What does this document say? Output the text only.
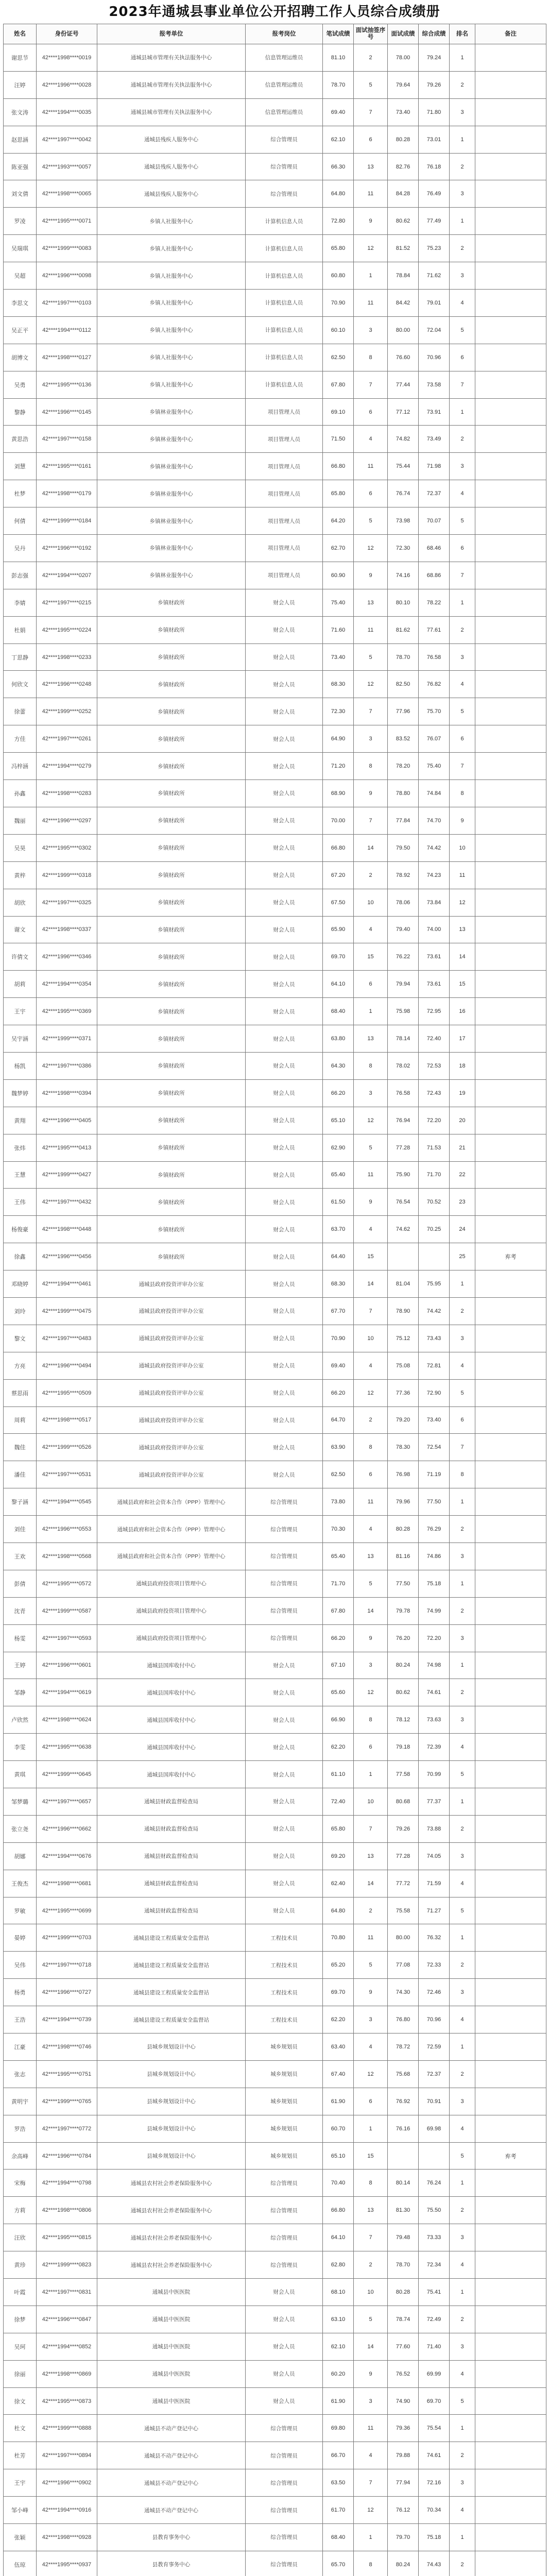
2023年通城县事业单位公开招聘工作人员综合成绩册
姓名	身份证号	报考单位	报考岗位	笔试成绩	面试抽签序号	面试成绩	综合成绩	排名	备注
谢思节	42****1998****0019	通城县城市管理有关执法服务中心	信息管理运维员	81.10	2	78.00	79.24	1	
汪婷	42****1996****0028	通城县城市管理有关执法服务中心	信息管理运维员	78.70	5	79.64	79.26	2	
张文涛	42****1994****0035	通城县城市管理有关执法服务中心	信息管理运维员	69.40	7	73.40	71.80	3	
赵思涵	42****1997****0042	通城县残疾人服务中心	综合管理员	62.10	6	80.28	73.01	1	
陈亚强	42****1993****0057	通城县残疾人服务中心	综合管理员	66.30	13	82.76	76.18	2	
刘文倩	42****1998****0065	通城县残疾人服务中心	综合管理员	64.80	11	84.28	76.49	3	
罗凌	42****1995****0071	乡镇人社服务中心	计算机信息人员	72.80	9	80.62	77.49	1	
吴瑞琪	42****1999****0083	乡镇人社服务中心	计算机信息人员	65.80	12	81.52	75.23	2	
吴超	42****1996****0098	乡镇人社服务中心	计算机信息人员	60.80	1	78.84	71.62	3	
李思文	42****1997****0103	乡镇人社服务中心	计算机信息人员	70.90	11	84.42	79.01	4	
吴正平	42****1994****0112	乡镇人社服务中心	计算机信息人员	60.10	3	80.00	72.04	5	
胡博文	42****1998****0127	乡镇人社服务中心	计算机信息人员	62.50	8	76.60	70.96	6	
吴勇	42****1995****0136	乡镇人社服务中心	计算机信息人员	67.80	7	77.44	73.58	7	
黎静	42****1996****0145	乡镇林业服务中心	项目管理人员	69.10	6	77.12	73.91	1	
黄思浩	42****1997****0158	乡镇林业服务中心	项目管理人员	71.50	4	74.82	73.49	2	
刘慧	42****1995****0161	乡镇林业服务中心	项目管理人员	66.80	11	75.44	71.98	3	
杜梦	42****1998****0179	乡镇林业服务中心	项目管理人员	65.80	6	76.74	72.37	4	
何倩	42****1999****0184	乡镇林业服务中心	项目管理人员	64.20	5	73.98	70.07	5	
吴丹	42****1996****0192	乡镇林业服务中心	项目管理人员	62.70	12	72.30	68.46	6	
彭志强	42****1994****0207	乡镇林业服务中心	项目管理人员	60.90	9	74.16	68.86	7	
李婧	42****1997****0215	乡镇财政所	财会人员	75.40	13	80.10	78.22	1	
杜娟	42****1995****0224	乡镇财政所	财会人员	71.60	11	81.62	77.61	2	
丁思静	42****1998****0233	乡镇财政所	财会人员	73.40	5	78.70	76.58	3	
何欣文	42****1996****0248	乡镇财政所	财会人员	68.30	12	82.50	76.82	4	
徐蕾	42****1999****0252	乡镇财政所	财会人员	72.30	7	77.96	75.70	5	
方佳	42****1997****0261	乡镇财政所	财会人员	64.90	3	83.52	76.07	6	
冯梓涵	42****1994****0279	乡镇财政所	财会人员	71.20	8	78.20	75.40	7	
孙鑫	42****1998****0283	乡镇财政所	财会人员	68.90	9	78.80	74.84	8	
魏丽	42****1996****0297	乡镇财政所	财会人员	70.00	7	77.84	74.70	9	
吴昊	42****1995****0302	乡镇财政所	财会人员	66.80	14	79.50	74.42	10	
黄梓	42****1999****0318	乡镇财政所	财会人员	67.20	2	78.92	74.23	11	
胡欣	42****1997****0325	乡镇财政所	财会人员	67.50	10	78.06	73.84	12	
谢文	42****1998****0337	乡镇财政所	财会人员	65.90	4	79.40	74.00	13	
许倩文	42****1996****0346	乡镇财政所	财会人员	69.70	15	76.22	73.61	14	
胡莉	42****1994****0354	乡镇财政所	财会人员	64.10	6	79.94	73.61	15	
王宇	42****1995****0369	乡镇财政所	财会人员	68.40	1	75.98	72.95	16	
吴宇涵	42****1999****0371	乡镇财政所	财会人员	63.80	13	78.14	72.40	17	
杨凯	42****1997****0386	乡镇财政所	财会人员	64.30	8	78.02	72.53	18	
魏梦婷	42****1998****0394	乡镇财政所	财会人员	66.20	3	76.58	72.43	19	
黄翔	42****1996****0405	乡镇财政所	财会人员	65.10	12	76.94	72.20	20	
张炜	42****1995****0413	乡镇财政所	财会人员	62.90	5	77.28	71.53	21	
王慧	42****1999****0427	乡镇财政所	财会人员	65.40	11	75.90	71.70	22	
王伟	42****1997****0432	乡镇财政所	财会人员	61.50	9	76.54	70.52	23	
杨俊豪	42****1998****0448	乡镇财政所	财会人员	63.70	4	74.62	70.25	24	
徐鑫	42****1996****0456	乡镇财政所	财会人员	64.40	15			25	弃考
邓晓婷	42****1994****0461	通城县政府投资评审办公室	财会人员	68.30	14	81.04	75.95	1	
刘玲	42****1999****0475	通城县政府投资评审办公室	财会人员	67.70	7	78.90	74.42	2	
黎文	42****1997****0483	通城县政府投资评审办公室	财会人员	70.90	10	75.12	73.43	3	
方亮	42****1996****0494	通城县政府投资评审办公室	财会人员	69.40	4	75.08	72.81	4	
蔡思雨	42****1995****0509	通城县政府投资评审办公室	财会人员	66.20	12	77.36	72.90	5	
周莉	42****1998****0517	通城县政府投资评审办公室	财会人员	64.70	2	79.20	73.40	6	
魏佳	42****1999****0526	通城县政府投资评审办公室	财会人员	63.90	8	78.30	72.54	7	
潘佳	42****1997****0531	通城县政府投资评审办公室	财会人员	62.50	6	76.98	71.19	8	
黎子涵	42****1994****0545	通城县政府和社会资本合作（PPP）管理中心	综合管理员	73.80	11	79.96	77.50	1	
刘佳	42****1996****0553	通城县政府和社会资本合作（PPP）管理中心	综合管理员	70.30	4	80.28	76.29	2	
王欢	42****1998****0568	通城县政府和社会资本合作（PPP）管理中心	综合管理员	65.40	13	81.16	74.86	3	
彭倩	42****1995****0572	通城县政府投资项目管理中心	综合管理员	71.70	5	77.50	75.18	1	
沈青	42****1999****0587	通城县政府投资项目管理中心	综合管理员	67.80	14	79.78	74.99	2	
杨雯	42****1997****0593	通城县政府投资项目管理中心	综合管理员	66.20	9	76.20	72.20	3	
王婷	42****1996****0601	通城县国库收付中心	财会人员	67.10	3	80.24	74.98	1	
邹静	42****1994****0619	通城县国库收付中心	财会人员	65.60	12	80.62	74.61	2	
卢欣然	42****1998****0624	通城县国库收付中心	财会人员	66.90	8	78.12	73.63	3	
李雯	42****1995****0638	通城县国库收付中心	财会人员	62.20	6	79.18	72.39	4	
黄琪	42****1999****0645	通城县国库收付中心	财会人员	61.10	1	77.58	70.99	5	
邹梦璐	42****1997****0657	通城县财政监督检查局	财会人员	72.40	10	80.68	77.37	1	
张立尧	42****1996****0662	通城县财政监督检查局	财会人员	65.80	7	79.26	73.88	2	
胡娜	42****1994****0676	通城县财政监督检查局	财会人员	69.20	13	77.28	74.05	3	
王俊杰	42****1998****0681	通城县财政监督检查局	财会人员	62.40	14	77.72	71.59	4	
罗敏	42****1995****0699	通城县财政监督检查局	财会人员	64.80	2	75.58	71.27	5	
晏婷	42****1999****0703	通城县建设工程质量安全监督站	工程技术员	70.80	11	80.00	76.32	1	
吴伟	42****1997****0718	通城县建设工程质量安全监督站	工程技术员	65.20	5	77.08	72.33	2	
杨勇	42****1996****0727	通城县建设工程质量安全监督站	工程技术员	69.70	9	74.30	72.46	3	
王浩	42****1994****0739	通城县建设工程质量安全监督站	工程技术员	62.20	3	76.80	70.96	4	
江豪	42****1998****0746	县城乡规划设计中心	城乡规划员	63.40	4	78.72	72.59	1	
张志	42****1995****0751	县城乡规划设计中心	城乡规划员	67.40	12	75.68	72.37	2	
黄明宇	42****1999****0765	县城乡规划设计中心	城乡规划员	61.90	6	76.92	70.91	3	
罗浩	42****1997****0772	县城乡规划设计中心	城乡规划员	60.70	1	76.16	69.98	4	
余高峰	42****1996****0784	县城乡规划设计中心	城乡规划员	65.10	15			5	弃考
宋梅	42****1994****0798	通城县农村社会养老保险服务中心	综合管理员	70.40	8	80.14	76.24	1	
方莉	42****1998****0806	通城县农村社会养老保险服务中心	综合管理员	66.80	13	81.30	75.50	2	
汪欣	42****1995****0815	通城县农村社会养老保险服务中心	综合管理员	64.10	7	79.48	73.33	3	
黄珍	42****1999****0823	通城县农村社会养老保险服务中心	综合管理员	62.80	2	78.70	72.34	4	
叶霞	42****1997****0831	通城县中医医院	财会人员	68.10	10	80.28	75.41	1	
徐梦	42****1996****0847	通城县中医医院	财会人员	63.10	5	78.74	72.49	2	
吴珂	42****1994****0852	通城县中医医院	财会人员	62.10	14	77.60	71.40	3	
徐丽	42****1998****0869	通城县中医医院	财会人员	60.20	9	76.52	69.99	4	
徐文	42****1995****0873	通城县中医医院	财会人员	61.90	3	74.90	69.70	5	
杜文	42****1999****0888	通城县不动产登记中心	综合管理员	69.80	11	79.36	75.54	1	
杜芳	42****1997****0894	通城县不动产登记中心	综合管理员	66.70	4	79.88	74.61	2	
王宇	42****1996****0902	通城县不动产登记中心	综合管理员	63.50	7	77.94	72.16	3	
邹小峰	42****1994****0916	通城县不动产登记中心	综合管理员	61.70	12	76.12	70.34	4	
张颖	42****1998****0928	县教育事务中心	综合管理员	68.40	1	79.70	75.18	1	
伍琼	42****1995****0937	县教育事务中心	综合管理员	65.70	8	80.24	74.43	2	
